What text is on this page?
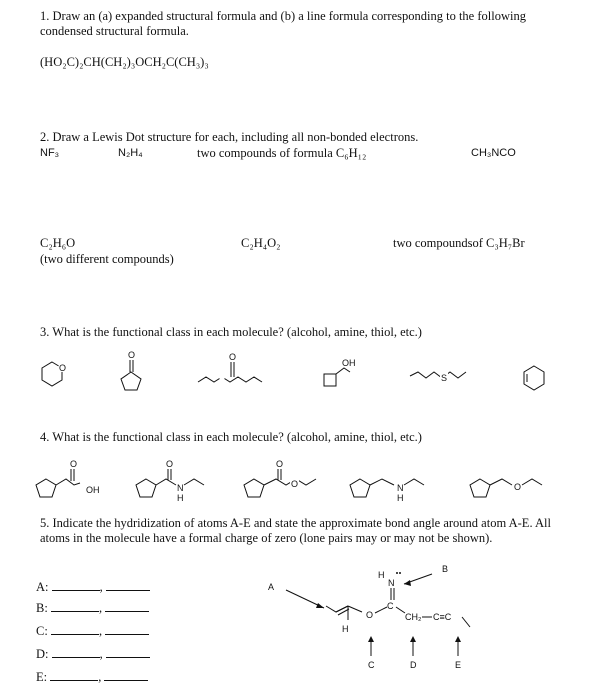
1. Draw an (a) expanded structural formula and (b) a line formula corresponding to the following condensed structural formula.
(HO₂C)₂CH(CH₂)₃OCH₂C(CH₃)₃
2. Draw a Lewis Dot structure for each, including all non-bonded electrons.
NF₃	N₂H₄	two compounds of formula C₆H₁₂	CH₃NCO
C₂H₆O
(two different compounds)
C₂H₄O₂	two compoundsof C₃H₇Br
3. What is the functional class in each molecule? (alcohol, amine, thiol, etc.)
O
O	O
OH
S
4. What is the functional class in each molecule? (alcohol, amine, thiol, etc.)
O
OH
O
N
H
O
O	N
H
O
5. Indicate the hydridization of atoms A-E and state the approximate bond angle around atom A-E. All atoms in the molecule have a formal charge of zero (lone pairs may or may not be shown).
A:	,
B:	,
C:	,
D:	,
E:	,
A
B
C	D	E
O
H
C
N
H
CH₂ C≡C
